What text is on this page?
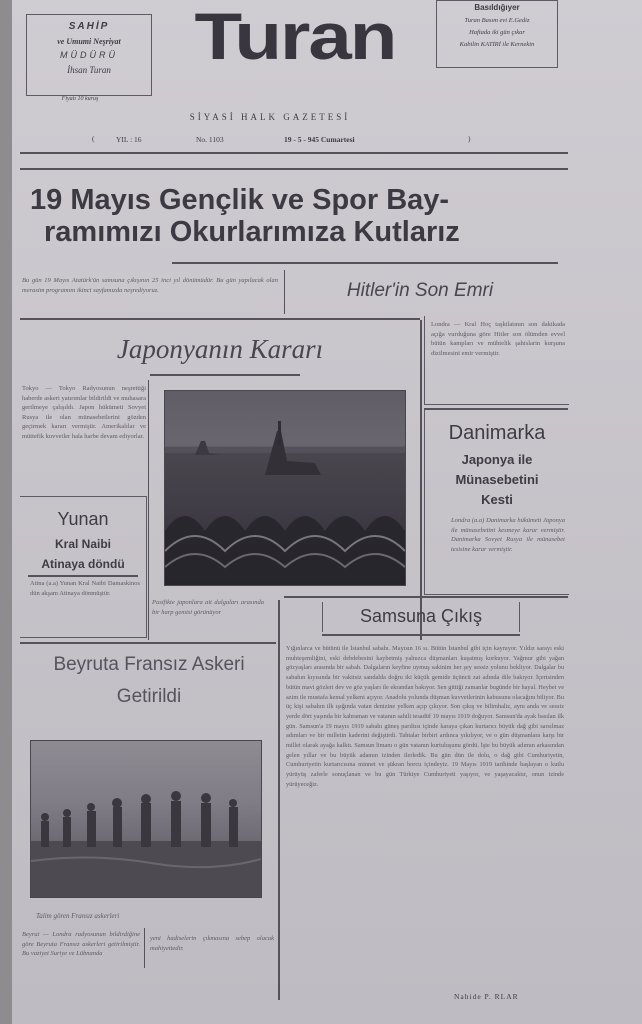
SAHİP
ve Umumi Neşriyat
MÜDÜRÜ
İhsan Turan
Fiyatı 10 kuruş
Turan	Basıldığıyer
Turan Basım evi E.Gediz
Haftada iki gün çıkar
Kabilin KATİRİ ile Kernekin
SİYASİ HALK GAZETESİ
(	YIL : 16	No. 1103	19 - 5 - 945 Cumartesi	)
19 Mayıs Gençlik ve Spor Bay-
ramımızı Okurlarımıza Kutlarız
Bu gün 19 Mayıs Atatürk'ün samsuna çıkışının 25 inci yıl dönümüdür. Bu gün yapılacak olan merasim programını ikinci sayfamızda neşrediyoruz.	Hitler'in Son Emri
Londra — Kral Hoç taşkilatının son dakikada açığa vurduğuna göre Hitler son ölümden evvel bütün kampları ve mühtelik şahislarin kurşuna dizilmesini emir vermiştir.
Japonyanın Kararı
Tokyo — Tokyo Radyosunun neşrettiği haberde askeri yatırımlar bildirildi ve muhasara gerilmeye çalışıldı. Japon hükümeti Sovyet Rusya ile olan münasebetlerini gözden geçirmek kararı vermiştir. Amerikalılar ve müttefik kuvvetler hala harbe devam ediyorlar.
Pasifikte japonlara ait dalgaları arasında bir harp gemisi görünüyor
Danimarka
Japonya ile
Münasebetini
Kesti
Londra (a.a) Danimarka hükümeti Japonya ile münasebetini kesmeye karar vermiştir. Danimarka Sovyet Rusya ile münasebet tesisine karar vermiştir.
Yunan
Kral Naibi
Atinaya döndü
Atina (a.a) Yunan Kral Naibi Damaskinos dün akşam Atinaya dönmüştür.
Beyruta Fransız Askeri
Getirildi
Talim gören Fransız askerleri
Beyrut — Londra radyosunun bildirdiğine göre Beyruta Fransız askerleri getirilmiştir. Bu vaziyet Suriye ve Lübnanda
yeni hadiselerin çıkmasına sebep olacak mahiyettedir.
Samsuna Çıkış
Yığınlarca ve bütünü ile İstanbul sabahı. Mayısın 16 sı. Bütün İstanbul gibi için kaynıyor. Yıldız sarayı eski muhteşemliğini, eski debdebesini kaybetmiş yalnızca düşmanları kuşatmış korkuyor. Yağmur gibi yağan gözyaşları arasında bir sabah. Dalgaların keyfine uymuş sakinim her şey sessiz yolunu bekliyor. Dalgalar bu sabahın kıyısında bir vakitsiz sandalda doğru iki küçük gemide üçüncü zat adında dile bakıyor. İçerisinden bütün mavi gözleri dev ve göz yaşları ile ekrandan bakıyor. Sen gittiği zamanlar bugünde bir hayal. Heybet ve azim ile mustafa kemal yelkeni açıyor. Anadolu yolunda düşman kuvvetlerinin kabusunu olacağını biliyor. Bu üç kişi sabahın ilk ışığında vatan denizine yelken açıp çıkıyor. Son çıkış ve bilimhaliz, aynı anda ve sessiz yerde dört yaşında bir kahraman ve vatanın sahili tesadüf 19 mayıs 1919 doğuyor. Samsun'da ayak basılan ilk gün. Samsun'a 19 mayıs 1919 sabahı güneş parıltısı içinde karaya çıkan kurtarıcı büyük dağ gibi sarsılmaz adımları ve bir milletin kaderini değiştirdi. Tahtalar birbiri ardınca yıkılıyor, ve o gün düşmanlara karşı bir millet olarak ayağa kalktı. Samsun limanı o gün vatanın kurtuluşunu gördü. İşte bu büyük adımın arkasından gelen yıllar ve bu büyük adamın izinden ilerledik. Bu gün dün ile dolu, o dağ gibi Cumhuriyetin, Cumhuriyetin kurtarıcısına minnet ve şükran borcu içindeyiz. 19 Mayıs 1919 tarihinde başlayan o kutlu yürüyüş zaferle sonuçlanan ve bu gün Türkiye Cumhuriyeti yaşıyor, ve yaşayacaktır, onun izinde yürüyeceğiz.
Nahide P. RLAR
